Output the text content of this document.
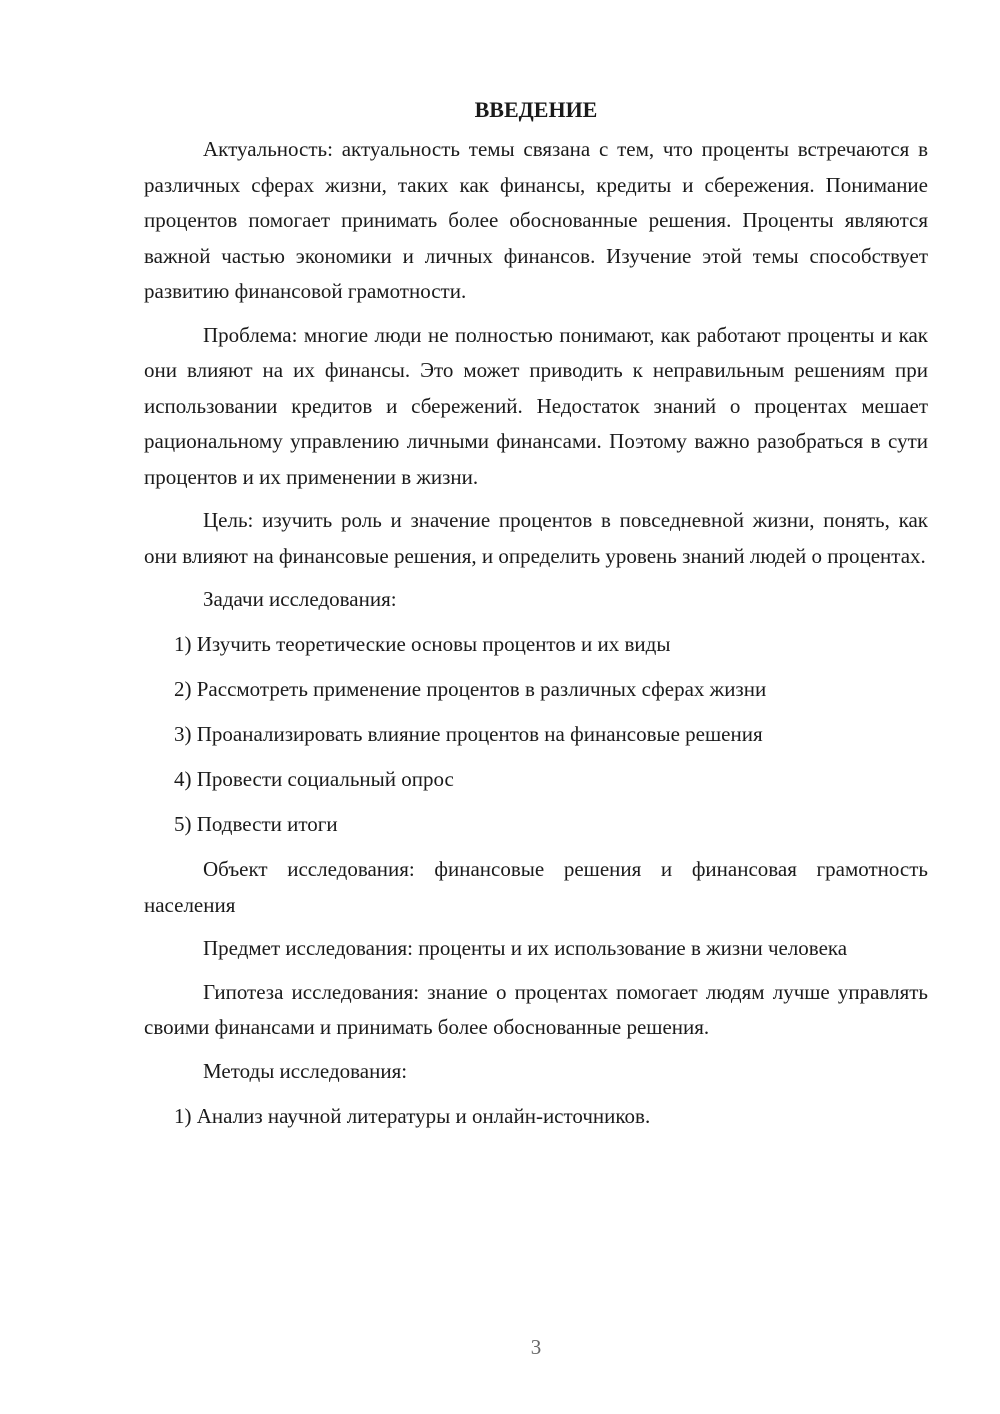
ВВЕДЕНИЕ

Актуальность: актуальность темы связана с тем, что проценты встречаются в различных сферах жизни, таких как финансы, кредиты и сбережения. Понимание процентов помогает принимать более обоснованные решения. Проценты являются важной частью экономики и личных финансов. Изучение этой темы способствует развитию финансовой грамотности.

Проблема: многие люди не полностью понимают, как работают проценты и как они влияют на их финансы. Это может приводить к неправильным решениям при использовании кредитов и сбережений. Недостаток знаний о процентах мешает рациональному управлению личными финансами. Поэтому важно разобраться в сути процентов и их применении в жизни.

Цель: изучить роль и значение процентов в повседневной жизни, понять, как они влияют на финансовые решения, и определить уровень знаний людей о процентах.

Задачи исследования:
1) Изучить теоретические основы процентов и их виды
2) Рассмотреть применение процентов в различных сферах жизни
3) Проанализировать влияние процентов на финансовые решения
4) Провести социальный опрос
5) Подвести итоги

Объект исследования: финансовые решения и финансовая грамотность населения

Предмет исследования: проценты и их использование в жизни человека

Гипотеза исследования: знание о процентах помогает людям лучше управлять своими финансами и принимать более обоснованные решения.

Методы исследования:
1) Анализ научной литературы и онлайн-источников.
3
